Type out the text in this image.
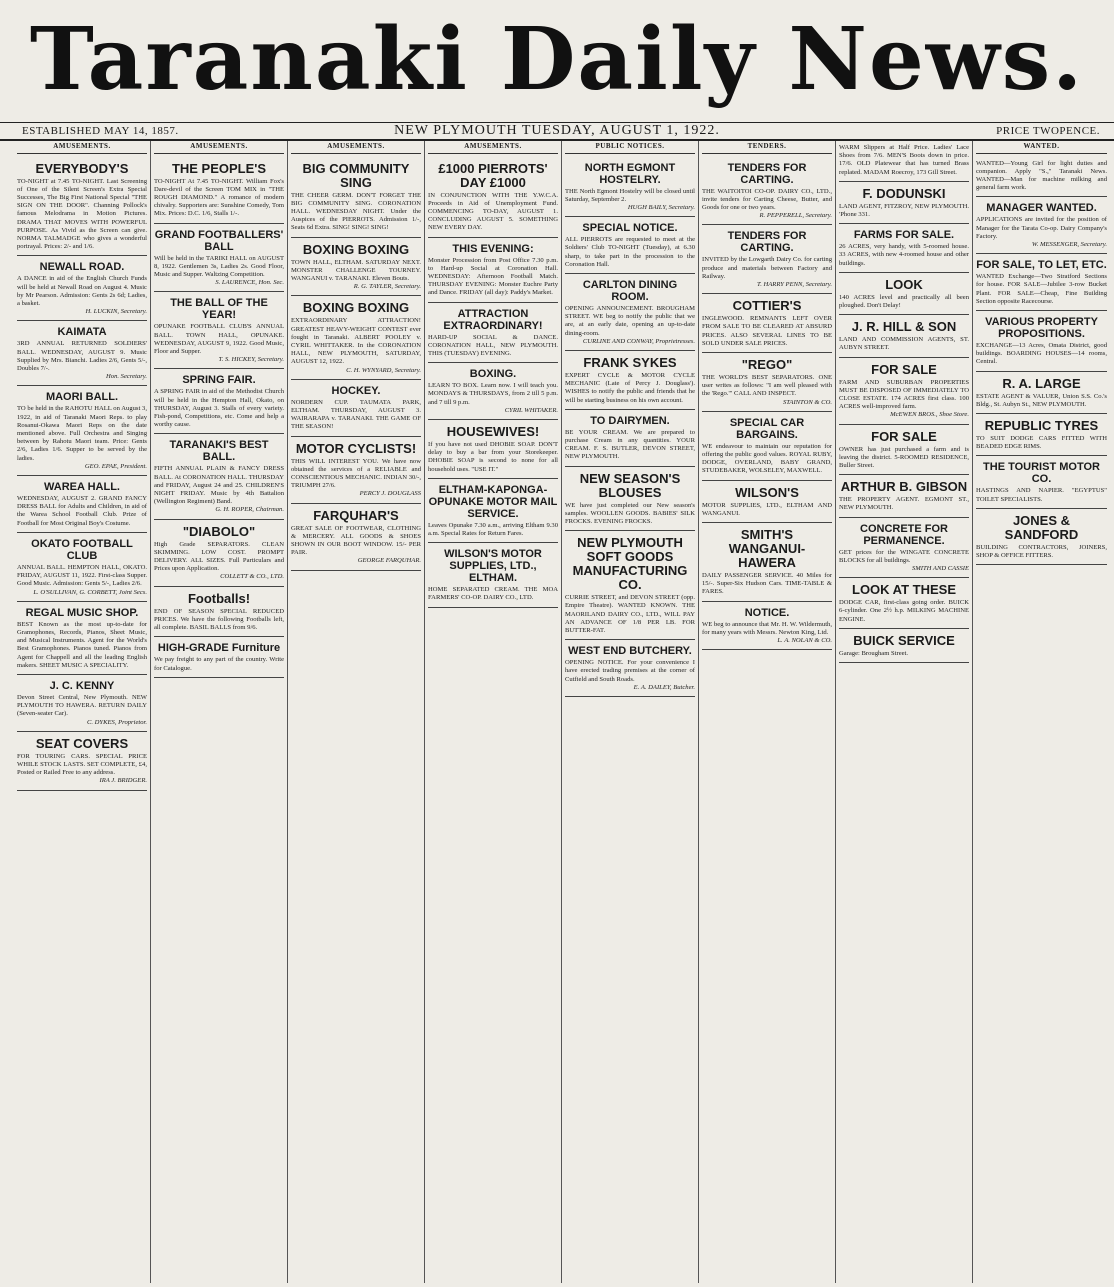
Taranaki Daily News.
ESTABLISHED MAY 14, 1857.	NEW PLYMOUTH TUESDAY, AUGUST 1, 1922.	PRICE TWOPENCE.
AMUSEMENTS.
EVERYBODY'S
TO-NIGHT at 7.45 TO-NIGHT. Last Screening of One of the Silent Screen's Extra Special Successes, The Big First National Special "THE SIGN ON THE DOOR". Channing Pollock's famous Melodrama in Motion Pictures. DRAMA THAT MOVES WITH POWERFUL PURPOSE. As Vivid as the Screen can give. NORMA TALMADGE who gives a wonderful portrayal. Prices: 2/- and 1/6.
NEWALL ROAD.
A DANCE in aid of the English Church Funds will be held at Newall Road on August 4. Music by Mr Pearson. Admission: Gents 2s 6d; Ladies, a basket.
H. LUCKIN, Secretary.
KAIMATA
3RD ANNUAL RETURNED SOLDIERS' BALL. WEDNESDAY, AUGUST 9. Music Supplied by Mrs. Bianchi. Ladies 2/6, Gents 5/-, Doubles 7/-.
Hon. Secretary.
MAORI BALL.
TO be held in the RAHOTU HALL on August 3, 1922, in aid of Taranaki Maori Reps. to play Rosanui-Okawa Maori Reps on the date mentioned above. Full Orchestra and Singing between by Rahotu Maori team. Price: Gents 2/6, Ladies 1/6. Supper to be served by the ladies.
GEO. EPAE, President.
WAREA HALL.
WEDNESDAY, AUGUST 2. GRAND FANCY DRESS BALL for Adults and Children, in aid of the Warea School Football Club. Prize of Football for Most Original Boy's Costume.
OKATO FOOTBALL CLUB
ANNUAL BALL. HEMPTON HALL, OKATO. FRIDAY, AUGUST 11, 1922. First-class Supper. Good Music. Admission: Gents 5/-, Ladies 2/6.
L. O'SULLIVAN, G. CORBETT, Joint Secs.
REGAL MUSIC SHOP.
BEST Known as the most up-to-date for Gramophones, Records, Pianos, Sheet Music, and Musical Instruments. Agent for the World's Best Gramophones. Pianos tuned. Pianos from Agent for Chappell and all the leading English makers. SHEET MUSIC A SPECIALITY.
J. C. KENNY
Devon Street Central, New Plymouth. NEW PLYMOUTH TO HAWERA. RETURN DAILY (Seven-seater Car).
C. DYKES, Proprietor.
SEAT COVERS
FOR TOURING CARS. SPECIAL PRICE WHILE STOCK LASTS. SET COMPLETE, £4, Posted or Railed Free to any address.
IRA J. BRIDGER.
AMUSEMENTS.
THE PEOPLE'S
TO-NIGHT At 7.45 TO-NIGHT. William Fox's Dare-devil of the Screen TOM MIX in "THE ROUGH DIAMOND." A romance of modern chivalry. Supporters are: Sunshine Comedy, Tom Mix. Prices: D.C. 1/6, Stalls 1/-.
GRAND FOOTBALLERS' BALL
Will be held in the TARIKI HALL on AUGUST 8, 1922. Gentlemen 3s, Ladies 2s. Good Floor, Music and Supper. Waltzing Competition.
S. LAURENCE, Hon. Sec.
THE BALL OF THE YEAR!
OPUNAKE FOOTBALL CLUB'S ANNUAL BALL. TOWN HALL, OPUNAKE. WEDNESDAY, AUGUST 9, 1922. Good Music, Floor and Supper.
T. S. HICKEY, Secretary.
SPRING FAIR.
A SPRING FAIR in aid of the Methodist Church will be held in the Hempton Hall, Okato, on THURSDAY, August 3. Stalls of every variety. Fish-pond, Competitions, etc. Come and help a worthy cause.
TARANAKI'S BEST BALL.
FIFTH ANNUAL PLAIN & FANCY DRESS BALL. At CORONATION HALL. THURSDAY and FRIDAY, August 24 and 25. CHILDREN'S NIGHT FRIDAY. Music by 4th Battalion (Wellington Regiment) Band.
G. H. ROPER, Chairman.
"DIABOLO"
High Grade SEPARATORS. CLEAN SKIMMING. LOW COST. PROMPT DELIVERY. ALL SIZES. Full Particulars and Prices upon Application.
COLLETT & CO., LTD.
Footballs!
END OF SEASON SPECIAL REDUCED PRICES. We have the following Footballs left, all complete. BASIL BALLS from 9/6.
HIGH-GRADE Furniture
We pay freight to any part of the country. Write for Catalogue.
AMUSEMENTS.
BIG COMMUNITY SING
THE CHEER GERM. DON'T FORGET THE BIG COMMUNITY SING. CORONATION HALL. WEDNESDAY NIGHT. Under the Auspices of the PIERROTS. Admission 1/-, Seats 6d Extra. SING! SING! SING!
BOXING BOXING
TOWN HALL, ELTHAM. SATURDAY NEXT. MONSTER CHALLENGE TOURNEY. WANGANUI v. TARANAKI. Eleven Bouts.
R. G. TAYLER, Secretary.
BOXING BOXING
EXTRAORDINARY ATTRACTION! GREATEST HEAVY-WEIGHT CONTEST ever fought in Taranaki. ALBERT POOLEY v. CYRIL WHITTAKER. In the CORONATION HALL, NEW PLYMOUTH, SATURDAY, AUGUST 12, 1922.
C. H. WYNYARD, Secretary.
HOCKEY.
NORDERN CUP. TAUMATA PARK, ELTHAM. THURSDAY, AUGUST 3. WAIRARAPA v. TARANAKI. THE GAME OF THE SEASON!
MOTOR CYCLISTS!
THIS WILL INTEREST YOU. We have now obtained the services of a RELIABLE and CONSCIENTIOUS MECHANIC. INDIAN 30/-, TRIUMPH 27/6.
PERCY J. DOUGLASS
FARQUHAR'S
GREAT SALE OF FOOTWEAR, CLOTHING & MERCERY. ALL GOODS & SHOES SHOWN IN OUR BOOT WINDOW. 15/- PER PAIR.
GEORGE FARQUHAR.
AMUSEMENTS.
£1000 PIERROTS' DAY £1000
IN CONJUNCTION WITH THE Y.W.C.A. Proceeds in Aid of Unemployment Fund. COMMENCING TO-DAY, AUGUST 1. CONCLUDING AUGUST 5. SOMETHING NEW EVERY DAY.
THIS EVENING:
Monster Procession from Post Office 7.30 p.m. to Hard-up Social at Coronation Hall. WEDNESDAY: Afternoon Football Match. THURSDAY EVENING: Monster Euchre Party and Dance. FRIDAY (all day): Paddy's Market.
ATTRACTION EXTRAORDINARY!
HARD-UP SOCIAL & DANCE. CORONATION HALL, NEW PLYMOUTH. THIS (TUESDAY) EVENING.
BOXING.
LEARN TO BOX. Learn now. I will teach you. MONDAYS & THURSDAYS, from 2 till 5 p.m. and 7 till 9 p.m.
CYRIL WHITAKER.
HOUSEWIVES!
If you have not used DHOBIE SOAP. DON'T delay to buy a bar from your Storekeeper. DHOBIE SOAP is second to none for all household uses. "USE IT."
ELTHAM-KAPONGA-OPUNAKE MOTOR MAIL SERVICE.
Leaves Opunake 7.30 a.m., arriving Eltham 9.30 a.m. Special Rates for Return Fares.
WILSON'S MOTOR SUPPLIES, LTD., ELTHAM.
HOME SEPARATED CREAM. THE MOA FARMERS' CO-OP. DAIRY CO., LTD.
PUBLIC NOTICES.
NORTH EGMONT HOSTELRY.
THE North Egmont Hostelry will be closed until Saturday, September 2.
HUGH BAILY, Secretary.
SPECIAL NOTICE.
ALL PIERROTS are requested to meet at the Soldiers' Club TO-NIGHT (Tuesday), at 6.30 sharp, to take part in the procession to the Coronation Hall.
CARLTON DINING ROOM.
OPENING ANNOUNCEMENT. BROUGHAM STREET. WE beg to notify the public that we are, at an early date, opening an up-to-date dining-room.
CURLINE AND CONWAY, Proprietresses.
FRANK SYKES
EXPERT CYCLE & MOTOR CYCLE MECHANIC (Late of Percy J. Douglass'). WISHES to notify the public and friends that he will be starting business on his own account.
TO DAIRYMEN.
BE YOUR CREAM. We are prepared to purchase Cream in any quantities. YOUR CREAM. F. S. BUTLER, DEVON STREET, NEW PLYMOUTH.
NEW SEASON'S BLOUSES
WE have just completed our New season's samples. WOOLLEN GOODS. BABIES' SILK FROCKS. EVENING FROCKS.
NEW PLYMOUTH SOFT GOODS MANUFACTURING CO.
CURRIE STREET, and DEVON STREET (opp. Empire Theatre). WANTED KNOWN. THE MAORILAND DAIRY CO., LTD., WILL PAY AN ADVANCE OF 1/8 PER LB. FOR BUTTER-FAT.
WEST END BUTCHERY.
OPENING NOTICE. For your convenience I have erected trading premises at the corner of Cutfield and South Roads.
E. A. DAILEY, Butcher.
TENDERS.
TENDERS FOR CARTING.
THE WAITOITOI CO-OP. DAIRY CO., LTD., invite tenders for Carting Cheese, Butter, and Goods for one or two years.
R. PEPPERELL, Secretary.
TENDERS FOR CARTING.
INVITED by the Lowgarth Dairy Co. for carting produce and materials between Factory and Railway.
T. HARRY PENN, Secretary.
COTTIER'S
INGLEWOOD. REMNANTS LEFT OVER FROM SALE TO BE CLEARED AT ABSURD PRICES. ALSO SEVERAL LINES TO BE SOLD UNDER SALE PRICES.
"REGO"
THE WORLD'S BEST SEPARATORS. ONE user writes as follows: "I am well pleased with the 'Rego.'" CALL AND INSPECT.
STAINTON & CO.
SPECIAL CAR BARGAINS.
WE endeavour to maintain our reputation for offering the public good values. ROYAL RUBY, DODGE, OVERLAND, BABY GRAND, STUDEBAKER, WOLSELEY, MAXWELL.
WILSON'S
MOTOR SUPPLIES, LTD., ELTHAM AND WANGANUI.
SMITH'S WANGANUI-HAWERA
DAILY PASSENGER SERVICE. 40 Miles for 15/-. Super-Six Hudson Cars. TIME-TABLE & FARES.
NOTICE.
WE beg to announce that Mr. H. W. Wildermuth, for many years with Messrs. Newton King, Ltd.
L. A. NOLAN & CO.
WARM Slippers at Half Price. Ladies' Lace Shoes from 7/6. MEN'S Boots down in price. 17/6. OLD Platewear that has turned Brass replated. MADAM Roecroy, 173 Gill Street.
F. DODUNSKI
LAND AGENT, FITZROY, NEW PLYMOUTH. 'Phone 331.
FARMS FOR SALE.
26 ACRES, very handy, with 5-roomed house. 33 ACRES, with new 4-roomed house and other buildings.
LOOK
140 ACRES level and practically all been ploughed. Don't Delay!
J. R. HILL & SON
LAND AND COMMISSION AGENTS, ST. AUBYN STREET.
FOR SALE
FARM AND SUBURBAN PROPERTIES MUST BE DISPOSED OF IMMEDIATELY TO CLOSE ESTATE. 174 ACRES first class. 100 ACRES well-improved farm.
McEWEN BROS., Shoe Store.
FOR SALE
OWNER has just purchased a farm and is leaving the district. 5-ROOMED RESIDENCE, Buller Street.
ARTHUR B. GIBSON
THE PROPERTY AGENT. EGMONT ST., NEW PLYMOUTH.
CONCRETE FOR PERMANENCE.
GET prices for the WINGATE CONCRETE BLOCKS for all buildings.
SMITH AND CASSIE
LOOK AT THESE
DODGE CAR, first-class going order. BUICK 6-cylinder. One 2½ h.p. MILKING MACHINE ENGINE.
BUICK SERVICE
Garage: Brougham Street.
WANTED.
WANTED—Young Girl for light duties and companion. Apply "S.," Taranaki News. WANTED—Man for machine milking and general farm work.
MANAGER WANTED.
APPLICATIONS are invited for the position of Manager for the Tarata Co-op. Dairy Company's Factory.
W. MESSENGER, Secretary.
FOR SALE, TO LET, ETC.
WANTED Exchange—Two Stratford Sections for house. FOR SALE—Jubilee 3-row Bucket Plant. FOR SALE—Cheap, Fine Building Section opposite Racecourse.
VARIOUS PROPERTY PROPOSITIONS.
EXCHANGE—13 Acres, Omata District, good buildings. BOARDING HOUSES—14 rooms, Central.
R. A. LARGE
ESTATE AGENT & VALUER, Union S.S. Co.'s Bldg., St. Aubyn St., NEW PLYMOUTH.
REPUBLIC TYRES
TO SUIT DODGE CARS FITTED WITH BEADED EDGE RIMS.
THE TOURIST MOTOR CO.
HASTINGS AND NAPIER. "EGYPTUS" TOILET SPECIALISTS.
JONES & SANDFORD
BUILDING CONTRACTORS, JOINERS, SHOP & OFFICE FITTERS.
